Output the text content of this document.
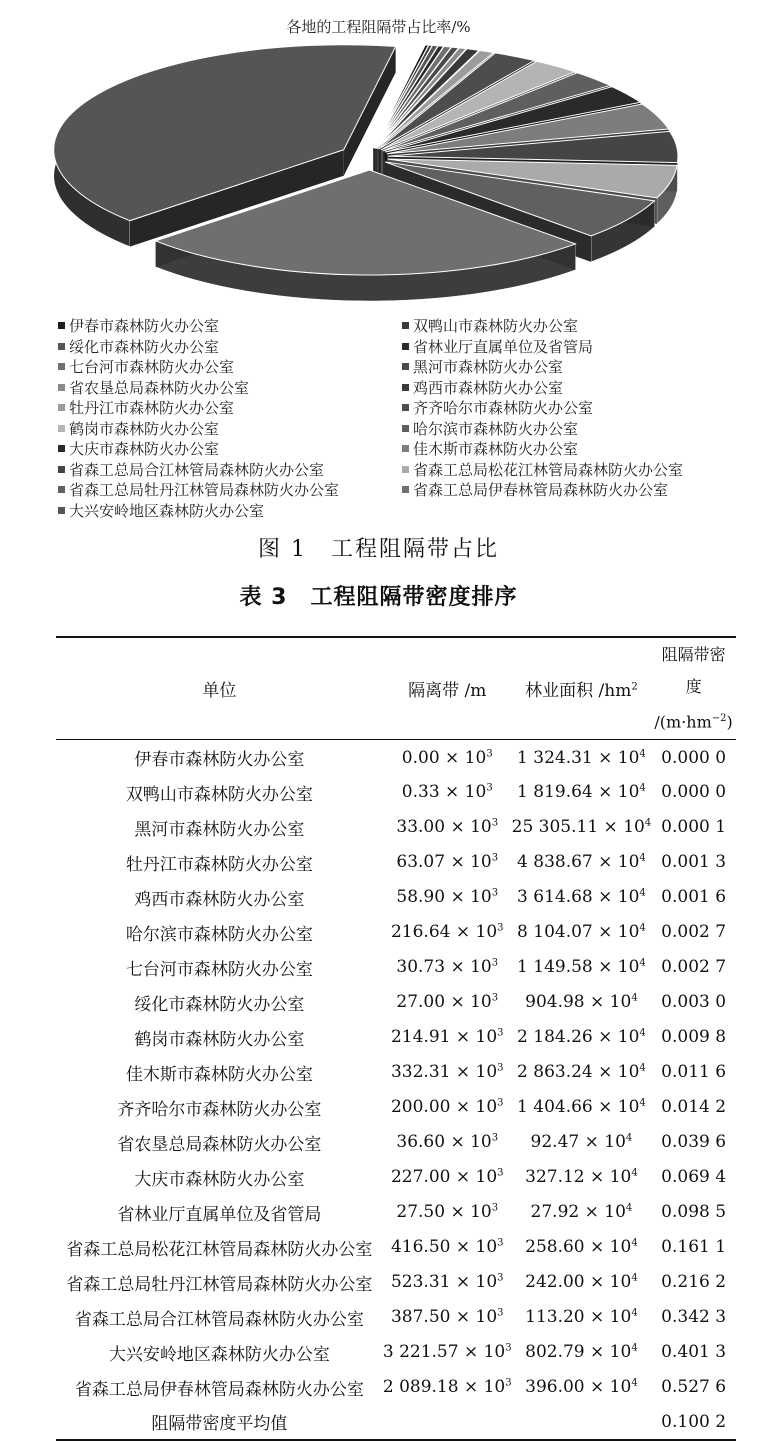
各地的工程阻隔带占比率/%
伊春市森林防火办公室
绥化市森林防火办公室
七台河市森林防火办公室
省农垦总局森林防火办公室
牡丹江市森林防火办公室
鹤岗市森林防火办公室
大庆市森林防火办公室
省森工总局合江林管局森林防火办公室
省森工总局牡丹江林管局森林防火办公室
大兴安岭地区森林防火办公室
双鸭山市森林防火办公室
省林业厅直属单位及省管局
黑河市森林防火办公室
鸡西市森林防火办公室
齐齐哈尔市森林防火办公室
哈尔滨市森林防火办公室
佳木斯市森林防火办公室
省森工总局松花江林管局森林防火办公室
省森工总局伊春林管局森林防火办公室
图 1　工程阻隔带占比
表 3　工程阻隔带密度排序
单位	隔离带 /m	林业面积 $/hm^2$	阻隔带密
度 $/(m\cdot hm^{-2})$
伊春市森林防火办公室	$0.00 \times 10^3$	1 $324.31 \times 10^4$	0.000 0
双鸭山市森林防火办公室	$0.33 \times 10^3$	1 $819.64 \times 10^4$	0.000 0
黑河市森林防火办公室	$33.00 \times 10^3$	25 $305.11 \times 10^4$	0.000 1
牡丹江市森林防火办公室	$63.07 \times 10^3$	4 $838.67 \times 10^4$	0.001 3
鸡西市森林防火办公室	$58.90 \times 10^3$	3 $614.68 \times 10^4$	0.001 6
哈尔滨市森林防火办公室	$216.64 \times 10^3$	8 $104.07 \times 10^4$	0.002 7
七台河市森林防火办公室	$30.73 \times 10^3$	1 $149.58 \times 10^4$	0.002 7
绥化市森林防火办公室	$27.00 \times 10^3$	$904.98 \times 10^4$	0.003 0
鹤岗市森林防火办公室	$214.91 \times 10^3$	2 $184.26 \times 10^4$	0.009 8
佳木斯市森林防火办公室	$332.31 \times 10^3$	2 $863.24 \times 10^4$	0.011 6
齐齐哈尔市森林防火办公室	$200.00 \times 10^3$	1 $404.66 \times 10^4$	0.014 2
省农垦总局森林防火办公室	$36.60 \times 10^3$	$92.47 \times 10^4$	0.039 6
大庆市森林防火办公室	$227.00 \times 10^3$	$327.12 \times 10^4$	0.069 4
省林业厅直属单位及省管局	$27.50 \times 10^3$	$27.92 \times 10^4$	0.098 5
省森工总局松花江林管局森林防火办公室	$416.50 \times 10^3$	$258.60 \times 10^4$	0.161 1
省森工总局牡丹江林管局森林防火办公室	$523.31 \times 10^3$	$242.00 \times 10^4$	0.216 2
省森工总局合江林管局森林防火办公室	$387.50 \times 10^3$	$113.20 \times 10^4$	0.342 3
大兴安岭地区森林防火办公室	3 $221.57 \times 10^3$	$802.79 \times 10^4$	0.401 3
省森工总局伊春林管局森林防火办公室	2 $089.18 \times 10^3$	$396.00 \times 10^4$	0.527 6
阻隔带密度平均值			0.100 2
